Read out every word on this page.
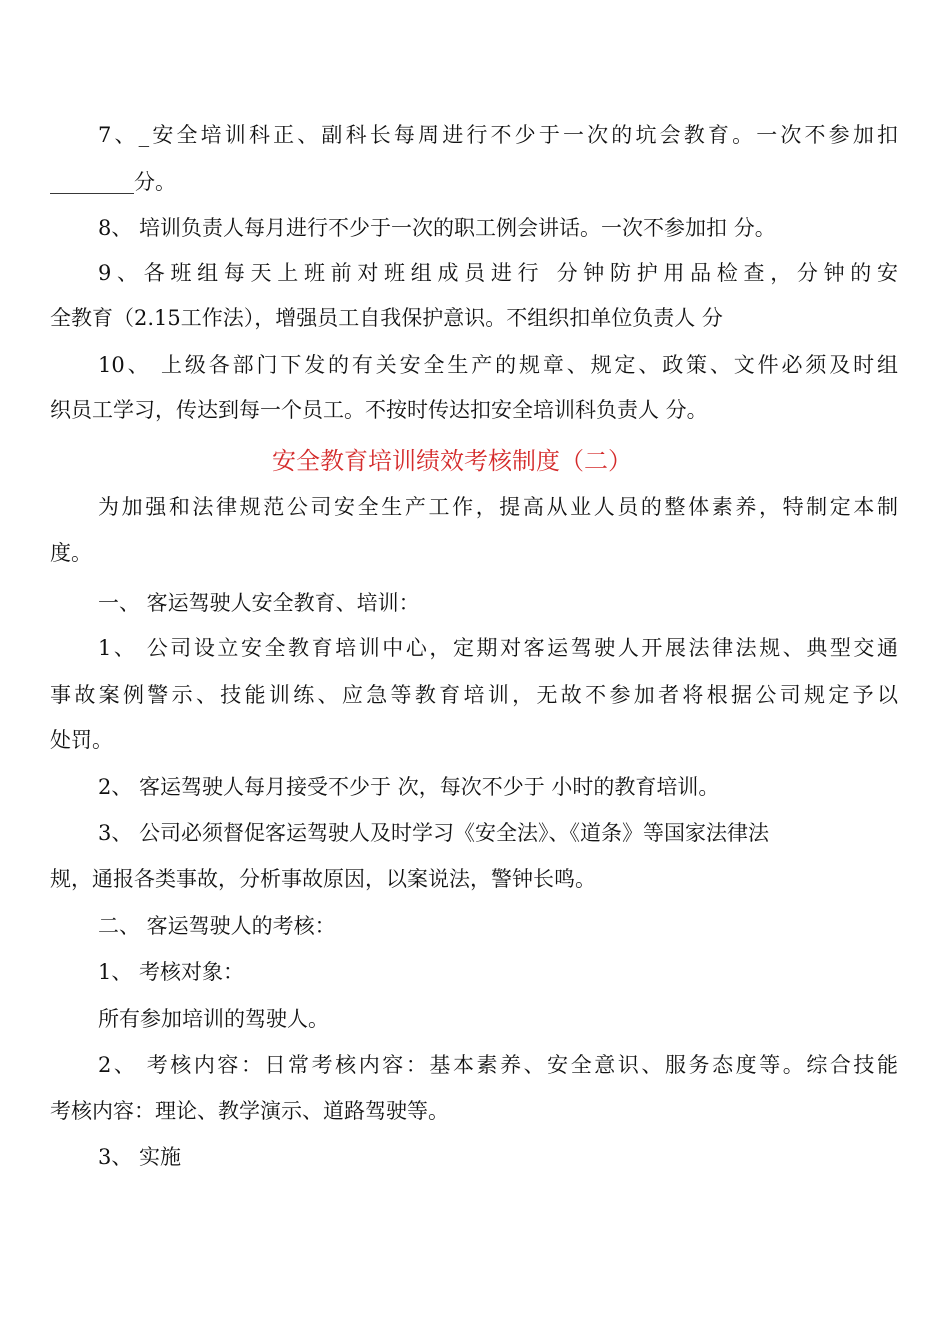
7、_安全培训科正、副科长每周进行不少于一次的坑会教育。一次不参加扣
________分。
8、 培训负责人每月进行不少于一次的职工例会讲话。一次不参加扣 分。
9、各班组每天上班前对班组成员进行 分钟防护用品检查，分钟的安
全教育（2.15工作法），增强员工自我保护意识。不组织扣单位负责人 分
10、 上级各部门下发的有关安全生产的规章、规定、政策、文件必须及时组
织员工学习，传达到每一个员工。不按时传达扣安全培训科负责人 分。
安全教育培训绩效考核制度（二）
为加强和法律规范公司安全生产工作，提高从业人员的整体素养，特制定本制
度。
一、 客运驾驶人安全教育、培训：
1、 公司设立安全教育培训中心，定期对客运驾驶人开展法律法规、典型交通
事故案例警示、技能训练、应急等教育培训，无故不参加者将根据公司规定予以
处罚。
2、 客运驾驶人每月接受不少于 次，每次不少于 小时的教育培训。
3、 公司必须督促客运驾驶人及时学习《安全法》、《道条》等国家法律法
规，通报各类事故，分析事故原因，以案说法，警钟长鸣。
二、 客运驾驶人的考核：
1、 考核对象：
所有参加培训的驾驶人。
2、 考核内容：日常考核内容：基本素养、安全意识、服务态度等。综合技能
考核内容：理论、教学演示、道路驾驶等。
3、 实施
